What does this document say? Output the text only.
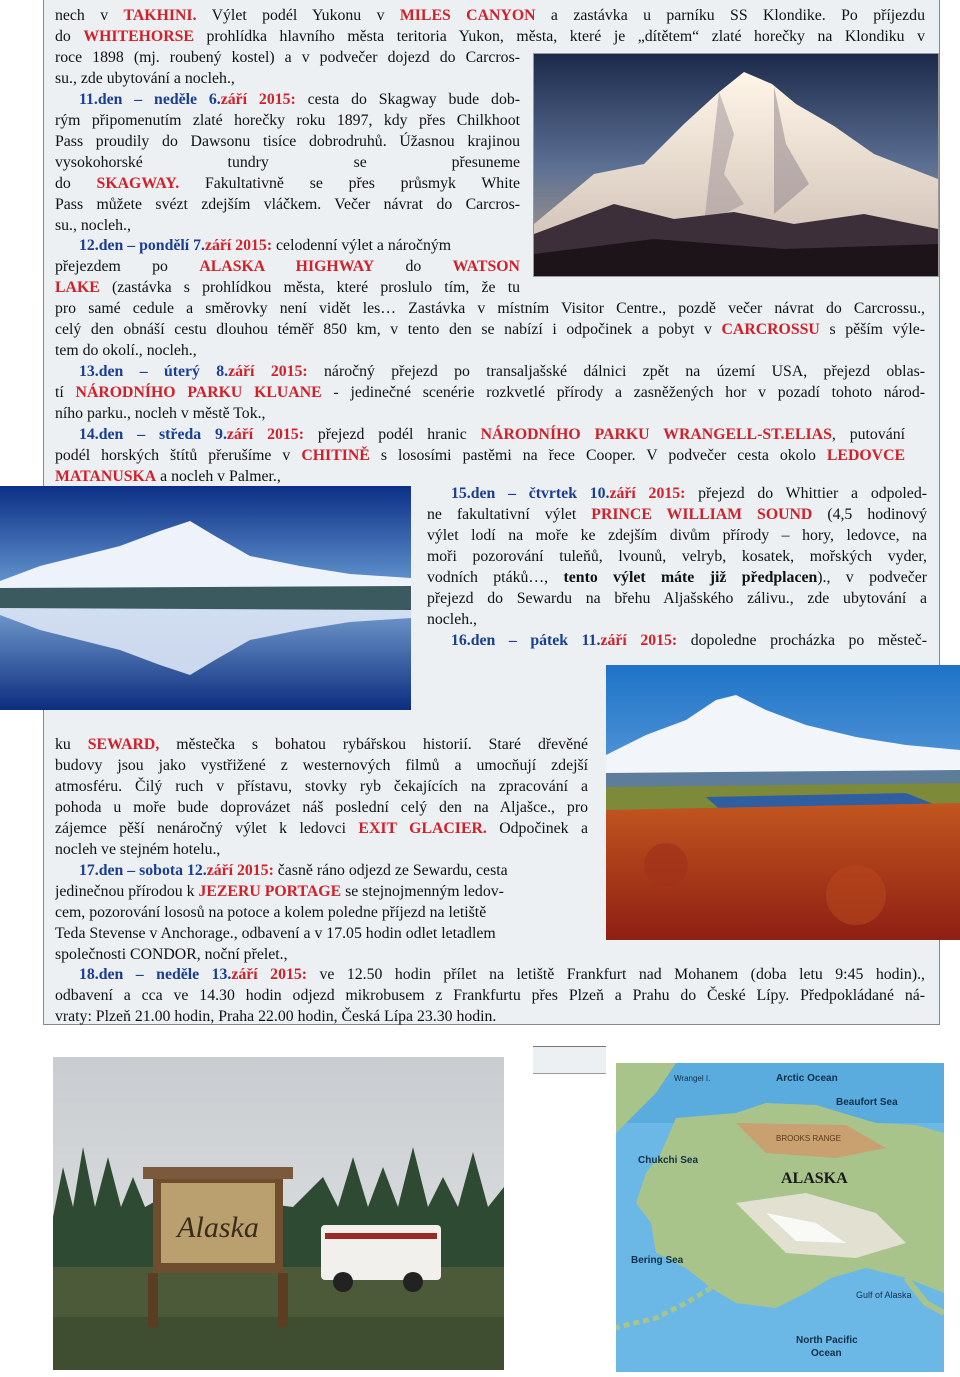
nech v TAKHINI. Výlet podél Yukonu v MILES CANYON a zastávka u parníku SS Klondike. Po příjezdu
do WHITEHORSE prohlídka hlavního města teritoria Yukon, města, které je „dítětem“ zlaté horečky na Klondiku v
roce 1898 (mj. roubený kostel) a v podvečer dojezd do Carcros-
su., zde ubytování a nocleh.,
11.den – neděle 6.září 2015: cesta do Skagway bude dob-
rým připomenutím zlaté horečky roku 1897, kdy přes Chilkhoot
Pass proudily do Dawsonu tisíce dobrodruhů. Úžasnou krajinou
vysokohorské tundry se přesuneme
do SKAGWAY. Fakultativně se přes průsmyk White
Pass můžete svézt zdejším vláčkem. Večer návrat do Carcros-
su., nocleh.,
12.den – pondělí 7.září 2015: celodenní výlet a náročným
přejezdem po ALASKA HIGHWAY do WATSON
LAKE (zastávka s prohlídkou města, které proslulo tím, že tu
pro samé cedule a směrovky není vidět les… Zastávka v místním Visitor Centre., pozdě večer návrat do Carcrossu.,
celý den obnáší cestu dlouhou téměř 850 km, v tento den se nabízí i odpočinek a pobyt v CARCROSSU s pěším výle-
tem do okolí., nocleh.,
13.den – úterý 8.září 2015: náročný přejezd po transaljašské dálnici zpět na území USA, přejezd oblas-
tí NÁRODNÍHO PARKU KLUANE - jedinečné scenérie rozkvetlé přírody a zasněžených hor v pozadí tohoto národ-
ního parku., nocleh v městě Tok.,
14.den – středa 9.září 2015: přejezd podél hranic NÁRODNÍHO PARKU WRANGELL-ST.ELIAS, putování
podél horských štítů přerušíme v CHITINĚ s lososími pastěmi na řece Cooper. V podvečer cesta okolo LEDOVCE
MATANUSKA a nocleh v Palmer.,
15.den – čtvrtek 10.září 2015: přejezd do Whittier a odpoled-
ne fakultativní výlet PRINCE WILLIAM SOUND (4,5 hodinový
výlet lodí na moře ke zdejším divům přírody – hory, ledovce, na
moři pozorování tuleňů, lvounů, velryb, kosatek, mořských vyder,
vodních ptáků…, tento výlet máte již předplacen)., v podvečer
přejezd do Sewardu na břehu Aljašského zálivu., zde ubytování a
nocleh.,
16.den – pátek 11.září 2015: dopoledne procházka po městeč-
ku SEWARD, městečka s bohatou rybářskou historií. Staré dřevěné
budovy jsou jako vystřižené z westernových filmů a umocňují zdejší
atmosféru. Čilý ruch v přístavu, stovky ryb čekajících na zpracování a
pohoda u moře bude doprovázet náš poslední celý den na Aljašce., pro
zájemce pěší nenáročný výlet k ledovci EXIT GLACIER. Odpočinek a
nocleh ve stejném hotelu.,
17.den – sobota 12.září 2015: časně ráno odjezd ze Sewardu, cesta
jedinečnou přírodou k JEZERU PORTAGE se stejnojmenným ledov-
cem, pozorování lososů na potoce a kolem poledne příjezd na letiště
Teda Stevense v Anchorage., odbavení a v 17.05 hodin odlet letadlem
společnosti CONDOR, noční přelet.,
18.den – neděle 13.září 2015: ve 12.50 hodin přílet na letiště Frankfurt nad Mohanem (doba letu 9:45 hodin).,
odbavení a cca ve 14.30 hodin odjezd mikrobusem z Frankfurtu přes Plzeň a Prahu do České Lípy. Předpokládané ná-
vraty: Plzeň 21.00 hodin, Praha 22.00 hodin, Česká Lípa 23.30 hodin.
Alaska
Wrangel I.	Arctic Ocean
Beaufort Sea
Chukchi Sea
BROOKS RANGE
ALASKA
Bering Sea
Gulf of Alaska
North Pacific
Ocean
